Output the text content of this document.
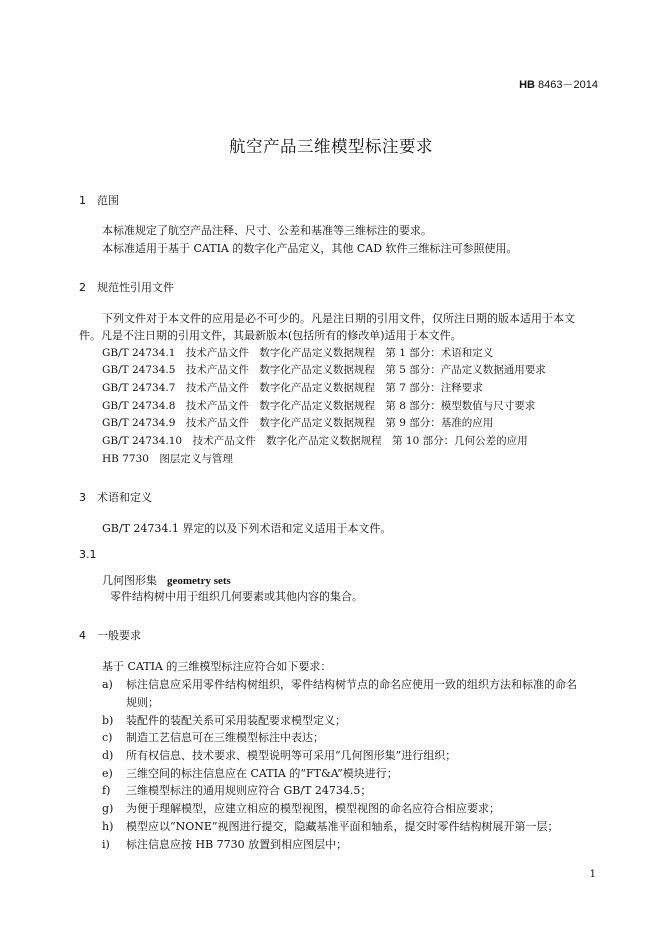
HB 8463－2014
航空产品三维模型标注要求
1 范围
本标准规定了航空产品注释、尺寸、公差和基准等三维标注的要求。
本标准适用于基于 CATIA 的数字化产品定义，其他 CAD 软件三维标注可参照使用。
2 规范性引用文件
下列文件对于本文件的应用是必不可少的。凡是注日期的引用文件，仅所注日期的版本适用于本文
件。凡是不注日期的引用文件，其最新版本(包括所有的修改单)适用于本文件。
GB/T 24734.1　技术产品文件　数字化产品定义数据规程　第 1 部分：术语和定义
GB/T 24734.5　技术产品文件　数字化产品定义数据规程　第 5 部分：产品定义数据通用要求
GB/T 24734.7　技术产品文件　数字化产品定义数据规程　第 7 部分：注释要求
GB/T 24734.8　技术产品文件　数字化产品定义数据规程　第 8 部分：模型数值与尺寸要求
GB/T 24734.9　技术产品文件　数字化产品定义数据规程　第 9 部分：基准的应用
GB/T 24734.10　技术产品文件　数字化产品定义数据规程　第 10 部分：几何公差的应用
HB 7730　图层定义与管理
3 术语和定义
GB/T 24734.1 界定的以及下列术语和定义适用于本文件。
3.1
几何图形集 geometry sets
零件结构树中用于组织几何要素或其他内容的集合。
4 一般要求
基于 CATIA 的三维模型标注应符合如下要求：
a) 标注信息应采用零件结构树组织，零件结构树节点的命名应使用一致的组织方法和标准的命名
规则；
b) 装配件的装配关系可采用装配要求模型定义；
c) 制造工艺信息可在三维模型标注中表达；
d) 所有权信息、技术要求、模型说明等可采用“几何图形集”进行组织；
e) 三维空间的标注信息应在 CATIA 的“FT&A”模块进行；
f) 三维模型标注的通用规则应符合 GB/T 24734.5；
g) 为便于理解模型，应建立相应的模型视图，模型视图的命名应符合相应要求；
h) 模型应以“NONE”视图进行提交，隐藏基准平面和轴系，提交时零件结构树展开第一层；
i) 标注信息应按 HB 7730 放置到相应图层中；
1
